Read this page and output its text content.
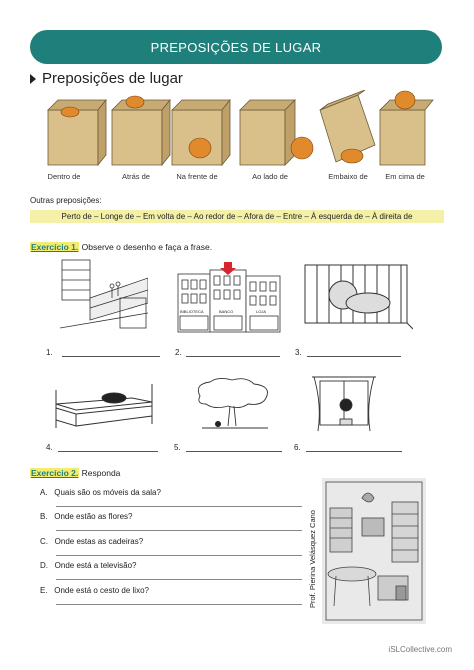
PREPOSIÇÕES DE LUGAR
Preposições de lugar
Dentro de	Atrás de	Na frente de	Ao lado de	Embaixo de	Em cima de
Outras preposições:
Perto de – Longe de – Em volta de – Ao redor de – Afora de – Entre – À esquerda de – À direita de
Exercício 1. Observe o desenho e faça a frase.
BIBLIOTECA	BANCO	LOJA
1.	2.	3.
4.	5.	6.
Exercício 2. Responda
A. Quais são os móveis da sala?
B. Onde estão as flores?
C. Onde estas as cadeiras?
D. Onde está a televisão?
E. Onde está o cesto de lixo?	Prof. Pierina Velásquez Cano
iSLCollective.com
